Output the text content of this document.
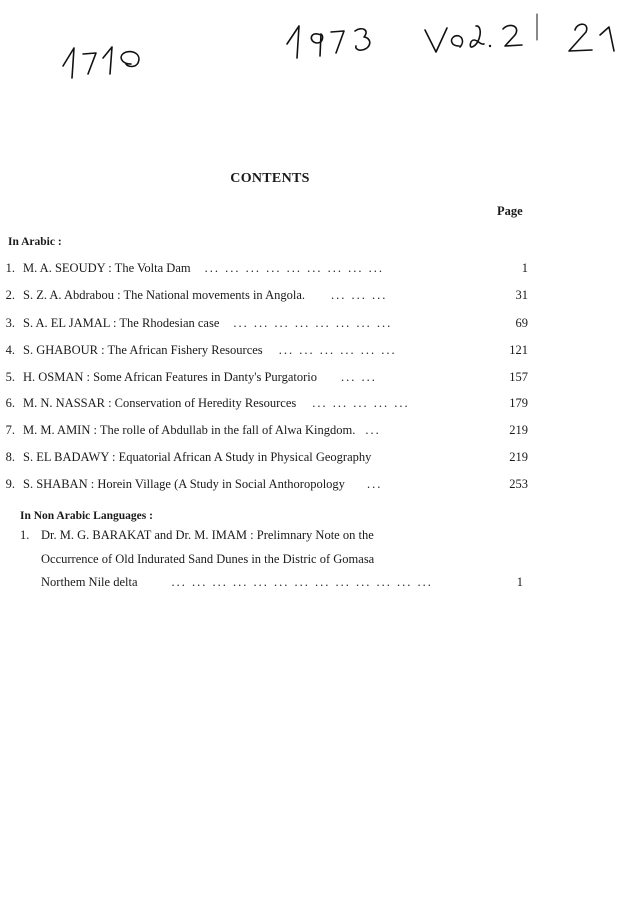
CONTENTS
Page
In Arabic :
1. M. A. SEOUDY : The Volta Dam ... ... ... ... ... ... ... ... ...	1
2. S. Z. A. Abdrabou : The National movements in Angola. ... ... ...	31
3. S. A. EL JAMAL : The Rhodesian case ... ... ... ... ... ... ... ...	69
4. S. GHABOUR : The African Fishery Resources ... ... ... ... ... ...	121
5. H. OSMAN : Some African Features in Danty's Purgatorio ... ...	157
6. M. N. NASSAR : Conservation of Heredity Resources ... ... ... ... ...	179
7. M. M. AMIN : The rolle of Abdullab in the fall of Alwa Kingdom. ...	219
8. S. EL BADAWY : Equatorial African A Study in Physical Geography	219
9. S. SHABAN : Horein Village (A Study in Social Anthoropology ...	253
In Non Arabic Languages :
1. Dr. M. G. BARAKAT and Dr. M. IMAM : Prelimnary Note on the
Occurrence of Old Indurated Sand Dunes in the Distric of Gomasa
Northem Nile delta	... ... ... ... ... ... ... ... ... ... ... ... ...	1
